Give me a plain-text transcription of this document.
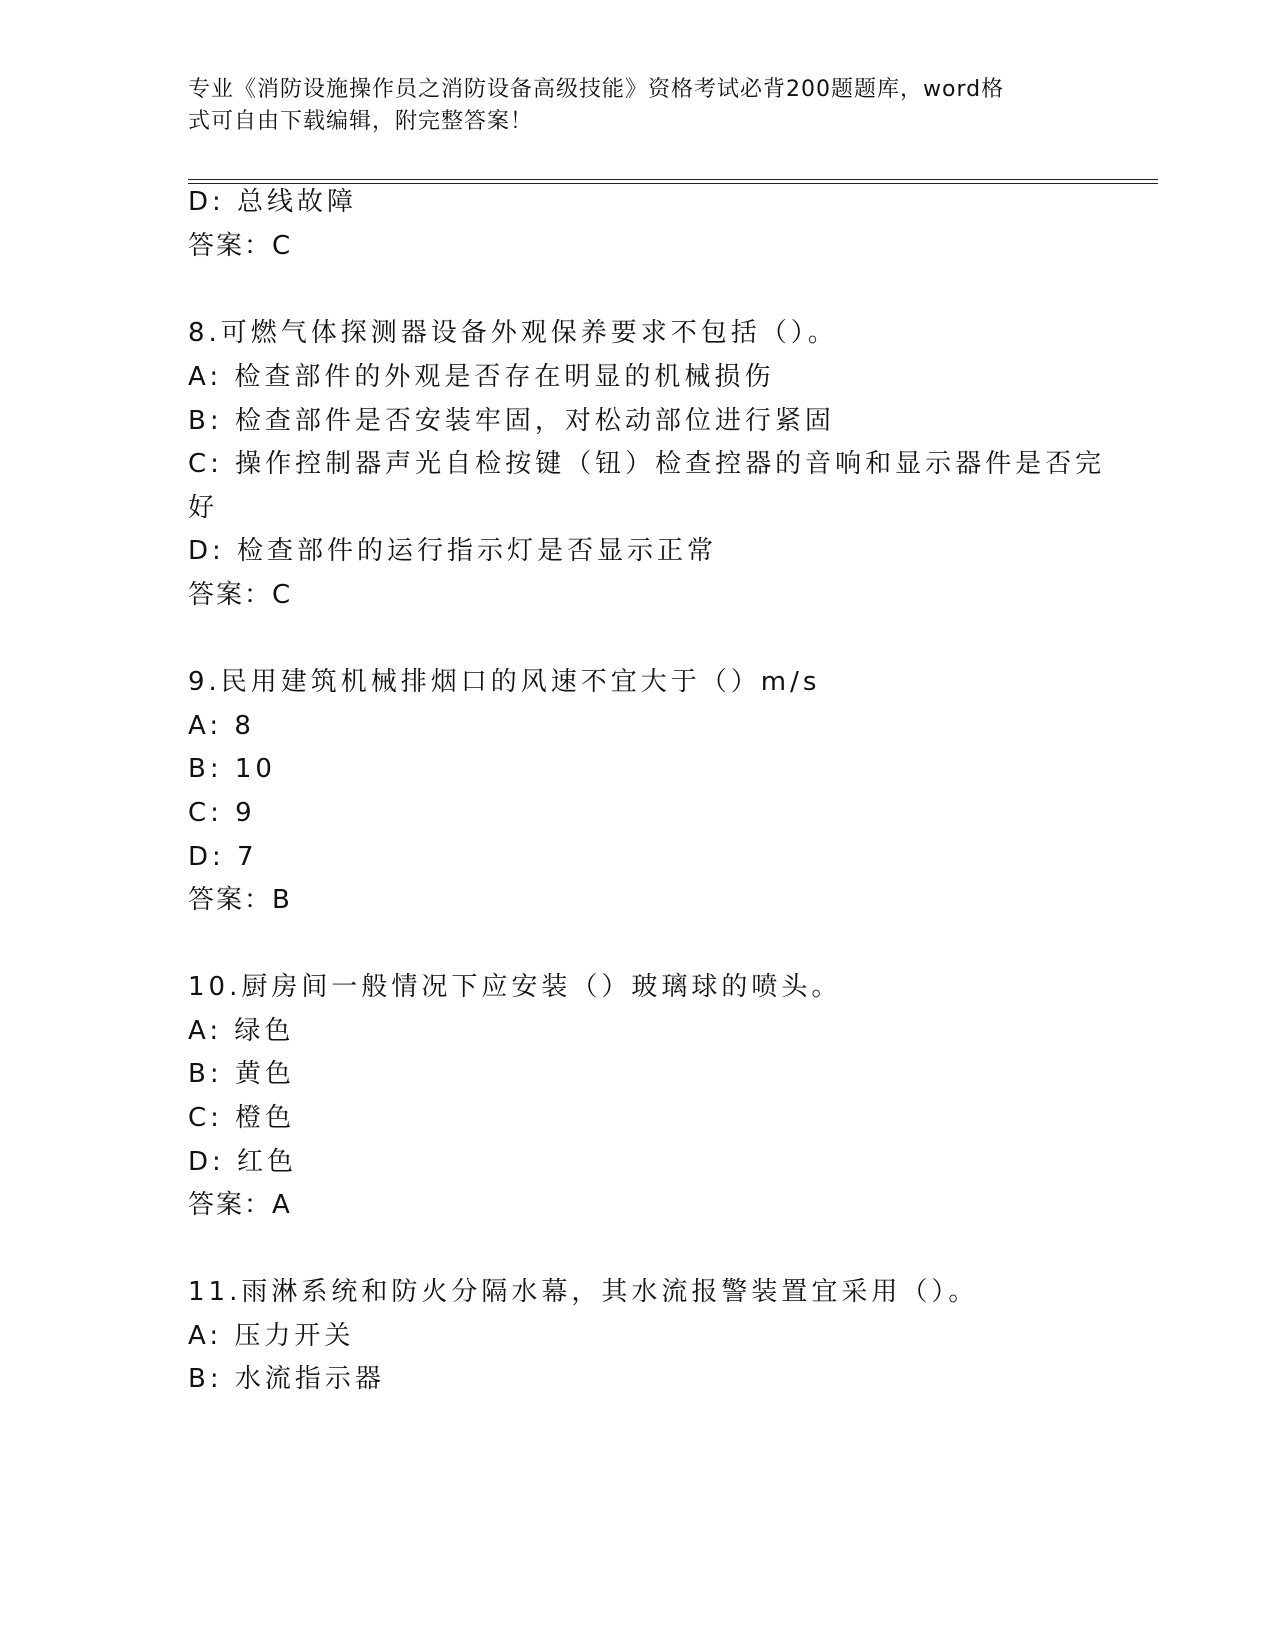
专业《消防设施操作员之消防设备高级技能》资格考试必背200题题库，word格
式可自由下载编辑，附完整答案！
D: 总线故障
答案：C
8.可燃气体探测器设备外观保养要求不包括（）。
A: 检查部件的外观是否存在明显的机械损伤
B: 检查部件是否安装牢固，对松动部位进行紧固
C: 操作控制器声光自检按键（钮）检查控器的音响和显示器件是否完
好
D: 检查部件的运行指示灯是否显示正常
答案：C
9.民用建筑机械排烟口的风速不宜大于（）m/s
A: 8
B: 10
C: 9
D: 7
答案：B
10.厨房间一般情况下应安装（）玻璃球的喷头。
A: 绿色
B: 黄色
C: 橙色
D: 红色
答案：A
11.雨淋系统和防火分隔水幕，其水流报警装置宜采用（）。
A: 压力开关
B: 水流指示器
